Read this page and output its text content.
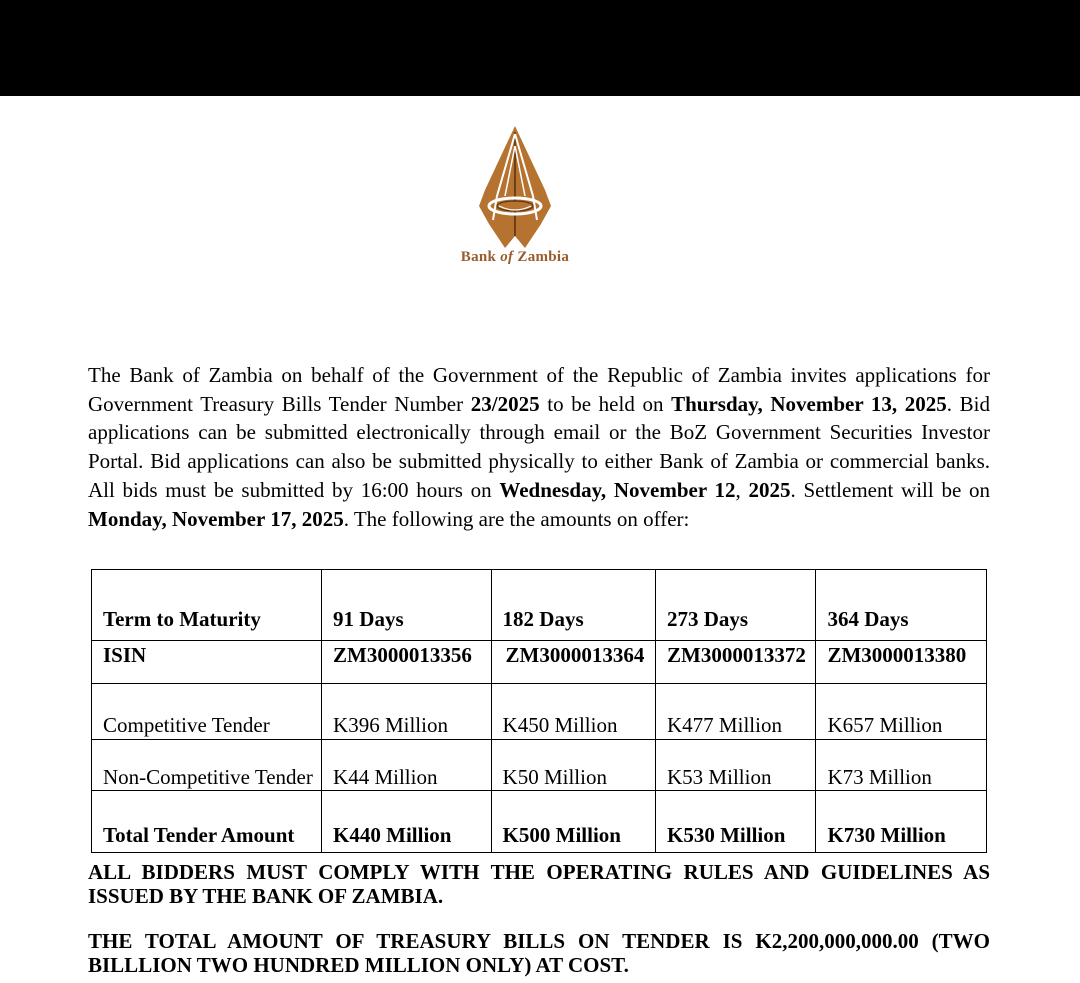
Bank of Zambia
The Bank of Zambia on behalf of the Government of the Republic of Zambia invites applications for Government Treasury Bills Tender Number 23/2025 to be held on Thursday, November 13, 2025. Bid applications can be submitted electronically through email or the BoZ Government Securities Investor Portal. Bid applications can also be submitted physically to either Bank of Zambia or commercial banks. All bids must be submitted by 16:00 hours on Wednesday, November 12, 2025. Settlement will be on Monday, November 17, 2025. The following are the amounts on offer:
Term to Maturity	91 Days	182 Days	273 Days	364 Days
ISIN	ZM3000013356	ZM3000013364	ZM3000013372	ZM3000013380
Competitive Tender	K396 Million	K450 Million	K477 Million	K657 Million
Non-Competitive Tender	K44 Million	K50 Million	K53 Million	K73 Million
Total Tender Amount	K440 Million	K500 Million	K530 Million	K730 Million
ALL BIDDERS MUST COMPLY WITH THE OPERATING RULES AND GUIDELINES AS ISSUED BY THE BANK OF ZAMBIA.
THE TOTAL AMOUNT OF TREASURY BILLS ON TENDER IS K2,200,000,000.00 (TWO BILLLION TWO HUNDRED MILLION ONLY) AT COST.
